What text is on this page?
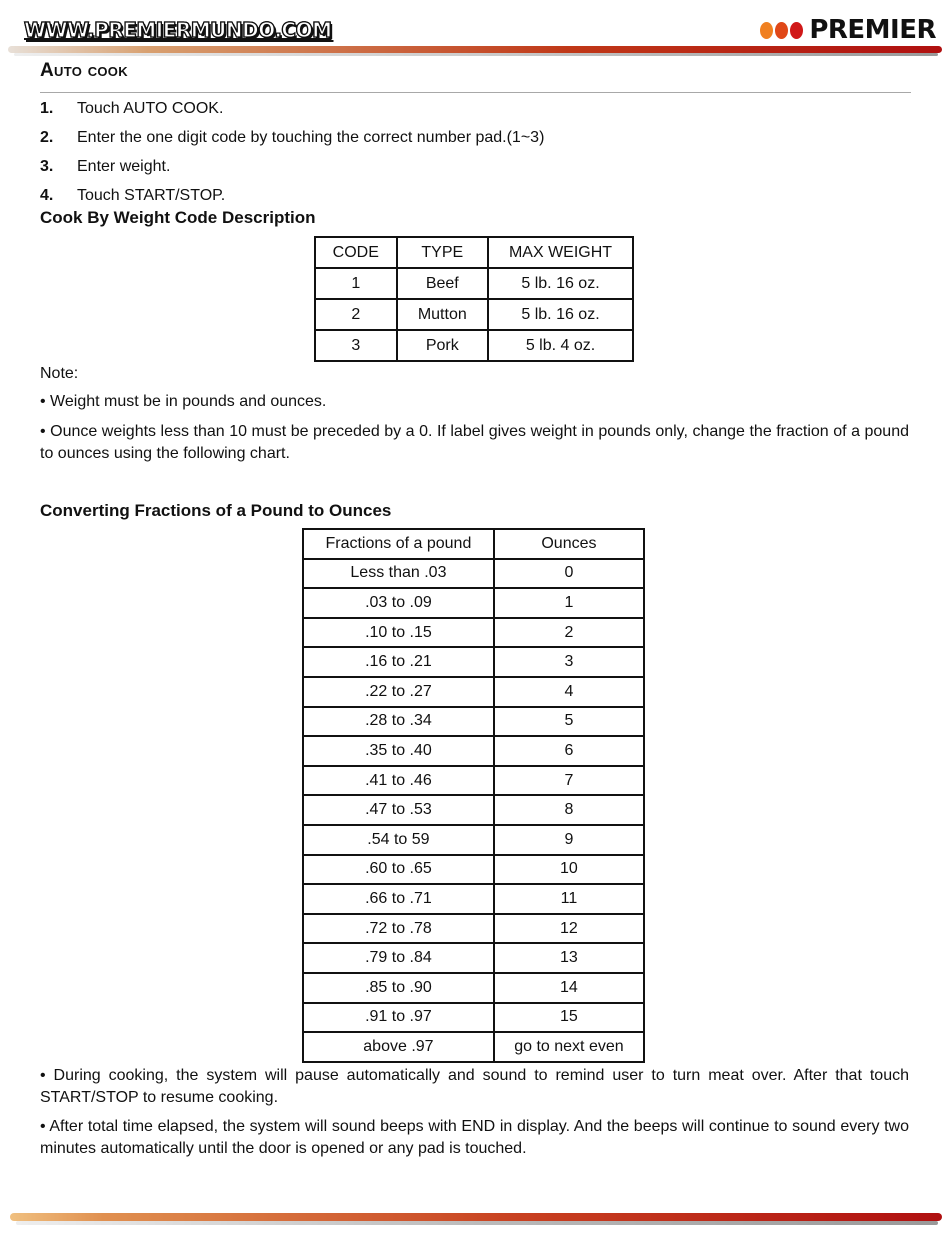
WWW.PREMIERMUNDO.COM	PREMIER
Auto cook
1.	Touch AUTO COOK.
2.	Enter the one digit code by touching the correct number pad.(1~3)
3.	Enter weight.
4.	Touch START/STOP.
Cook By Weight Code Description
CODE	TYPE	MAX WEIGHT
1	Beef	5 lb. 16 oz.
2	Mutton	5 lb. 16 oz.
3	Pork	5 lb. 4 oz.
Note:
• Weight must be in pounds and ounces.
• Ounce weights less than 10 must be preceded by a 0. If label gives weight in pounds only, change the fraction of a pound to ounces using the following chart.
Converting Fractions of a Pound to Ounces
Fractions of a pound	Ounces
Less than .03	0
.03 to .09	1
.10 to .15	2
.16 to .21	3
.22 to .27	4
.28 to .34	5
.35 to .40	6
.41 to .46	7
.47 to .53	8
.54 to 59	9
.60 to .65	10
.66 to .71	11
.72 to .78	12
.79 to .84	13
.85 to .90	14
.91 to .97	15
above .97	go to next even
• During cooking, the system will pause automatically and sound to remind user to turn meat over. After that touch START/STOP to resume cooking.
• After total time elapsed, the system will sound beeps with END in display. And the beeps will continue to sound every two minutes automatically until the door is opened or any pad is touched.
